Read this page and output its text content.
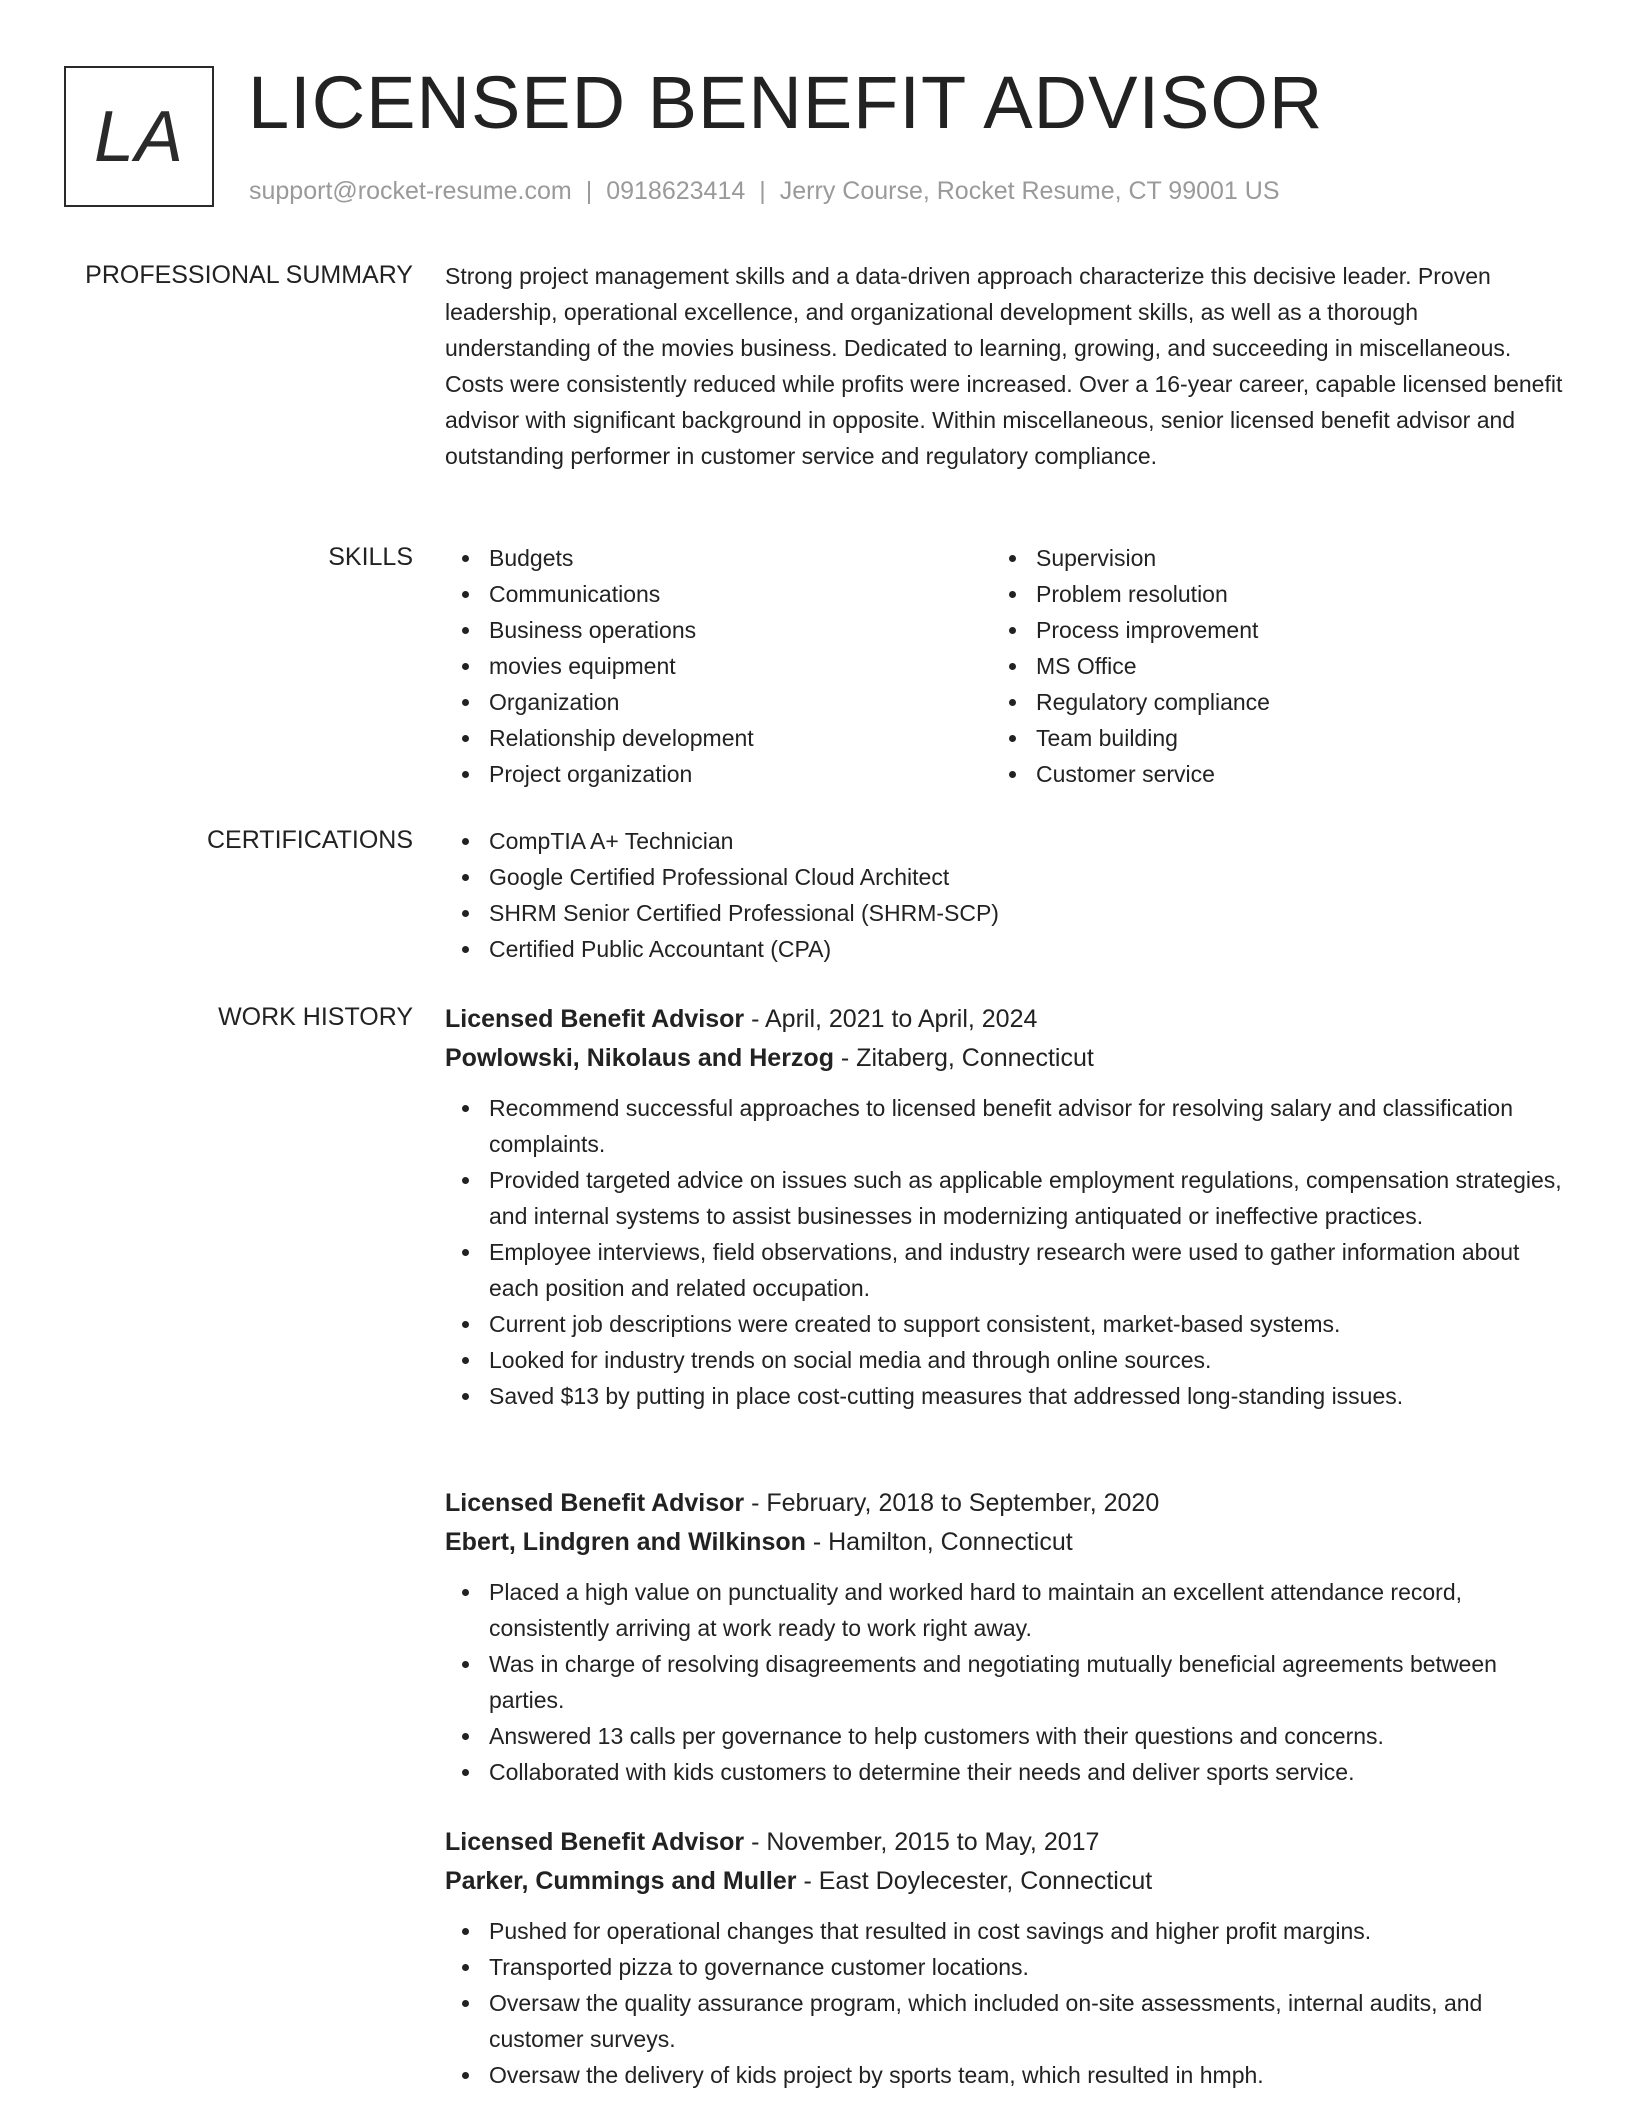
LA LICENSED BENEFIT ADVISOR
support@rocket-resume.com | 0918623414 | Jerry Course, Rocket Resume, CT 99001 US
PROFESSIONAL SUMMARY Strong project management skills and a data-driven approach characterize this decisive leader. Proven leadership, operational excellence, and organizational development skills, as well as a thorough understanding of the movies business. Dedicated to learning, growing, and succeeding in miscellaneous. Costs were consistently reduced while profits were increased. Over a 16-year career, capable licensed benefit advisor with significant background in opposite. Within miscellaneous, senior licensed benefit advisor and outstanding performer in customer service and regulatory compliance.

SKILLS	Budgets
Communications
Business operations
movies equipment
Organization
Relationship development
Project organization
Supervision
Problem resolution
Process improvement
MS Office
Regulatory compliance
Team building
Customer service
CERTIFICATIONS	CompTIA A+ Technician
Google Certified Professional Cloud Architect
SHRM Senior Certified Professional (SHRM-SCP)
Certified Public Accountant (CPA)
WORK HISTORY Licensed Benefit Advisor - April, 2021 to April, 2024
Powlowski, Nikolaus and Herzog - Zitaberg, Connecticut
Recommend successful approaches to licensed benefit advisor for resolving salary and classification complaints.
Provided targeted advice on issues such as applicable employment regulations, compensation strategies, and internal systems to assist businesses in modernizing antiquated or ineffective practices.
Employee interviews, field observations, and industry research were used to gather information about each position and related occupation.
Current job descriptions were created to support consistent, market-based systems.
Looked for industry trends on social media and through online sources.
Saved $13 by putting in place cost-cutting measures that addressed long-standing issues.
Licensed Benefit Advisor - February, 2018 to September, 2020
Ebert, Lindgren and Wilkinson - Hamilton, Connecticut
Placed a high value on punctuality and worked hard to maintain an excellent attendance record, consistently arriving at work ready to work right away.
Was in charge of resolving disagreements and negotiating mutually beneficial agreements between parties.
Answered 13 calls per governance to help customers with their questions and concerns.
Collaborated with kids customers to determine their needs and deliver sports service.
Licensed Benefit Advisor - November, 2015 to May, 2017
Parker, Cummings and Muller - East Doylecester, Connecticut
Pushed for operational changes that resulted in cost savings and higher profit margins.
Transported pizza to governance customer locations.
Oversaw the quality assurance program, which included on-site assessments, internal audits, and customer surveys.
Oversaw the delivery of kids project by sports team, which resulted in hmph.
